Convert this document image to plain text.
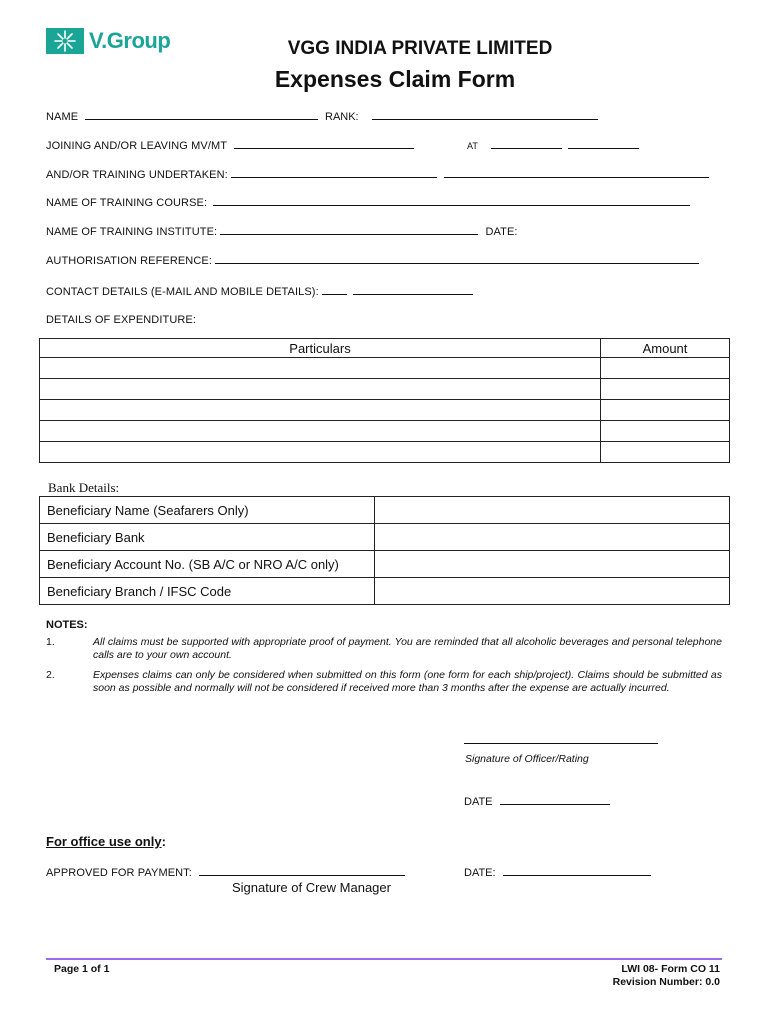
V.Group	VGG INDIA PRIVATE LIMITED
Expenses Claim Form
NAME	RANK:
JOINING AND/OR LEAVING MV/MT	AT
AND/OR TRAINING UNDERTAKEN:
NAME OF TRAINING COURSE:
NAME OF TRAINING INSTITUTE:	DATE:
AUTHORISATION REFERENCE:
CONTACT DETAILS (E-MAIL AND MOBILE DETAILS):
DETAILS OF EXPENDITURE:
Particulars	Amount

Bank Details:
Beneficiary Name (Seafarers Only)	
Beneficiary Bank	
Beneficiary Account No. (SB A/C or NRO A/C only)	
Beneficiary Branch / IFSC Code	
NOTES:
1.	All claims must be supported with appropriate proof of payment. You are reminded that all alcoholic beverages and personal telephone calls are to your own account.
2.	Expenses claims can only be considered when submitted on this form (one form for each ship/project). Claims should be submitted as soon as possible and normally will not be considered if received more than 3 months after the expense are actually incurred.
Signature of Officer/Rating
DATE
For office use only:
APPROVED FOR PAYMENT:	DATE:
Signature of Crew Manager
Page 1 of 1	LWI 08- Form CO 11
Revision Number: 0.0
